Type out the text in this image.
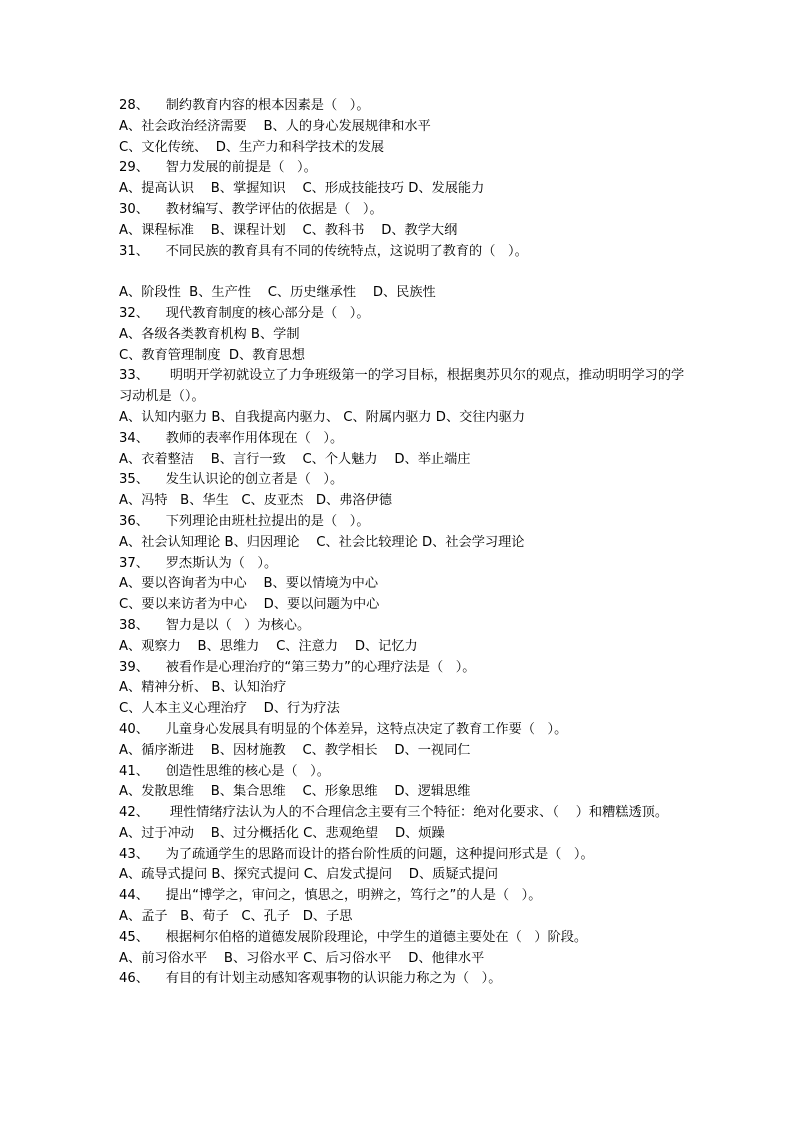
28、    制约教育内容的根本因素是（   ）。
A、社会政治经济需要    B、人的身心发展规律和水平
C、文化传统、  D、生产力和科学技术的发展
29、    智力发展的前提是（   ）。
A、提高认识    B、掌握知识    C、形成技能技巧 D、发展能力
30、    教材编写、教学评估的依据是（   ）。
A、课程标准    B、课程计划    C、教科书    D、教学大纲
31、    不同民族的教育具有不同的传统特点，这说明了教育的（   ）。
A、阶段性  B、生产性    C、历史继承性    D、民族性
32、    现代教育制度的核心部分是（   ）。
A、各级各类教育机构 B、学制
C、教育管理制度  D、教育思想
33、     明明开学初就设立了力争班级第一的学习目标，根据奥苏贝尔的观点，推动明明学习的学习动机是（）。
A、认知内驱力 B、自我提高内驱力、 C、附属内驱力 D、交往内驱力
34、    教师的表率作用体现在（   ）。
A、衣着整洁    B、言行一致    C、个人魅力    D、举止端庄
35、    发生认识论的创立者是（   ）。
A、冯特   B、华生   C、皮亚杰   D、弗洛伊德
36、    下列理论由班杜拉提出的是（   ）。
A、社会认知理论 B、归因理论    C、社会比较理论 D、社会学习理论
37、    罗杰斯认为（   ）。
A、要以咨询者为中心    B、要以情境为中心
C、要以来访者为中心    D、要以问题为中心
38、    智力是以（   ）为核心。
A、观察力    B、思维力    C、注意力    D、记忆力
39、    被看作是心理治疗的“第三势力”的心理疗法是（   ）。
A、精神分析、 B、认知治疗
C、人本主义心理治疗    D、行为疗法
40、    儿童身心发展具有明显的个体差异，这特点决定了教育工作要（   ）。
A、循序渐进    B、因材施教    C、教学相长    D、一视同仁
41、    创造性思维的核心是（   ）。
A、发散思维    B、集合思维    C、形象思维    D、逻辑思维
42、     理性情绪疗法认为人的不合理信念主要有三个特征：绝对化要求、（    ）和糟糕透顶。
A、过于冲动    B、过分概括化 C、悲观绝望    D、烦躁
43、    为了疏通学生的思路而设计的搭台阶性质的问题，这种提问形式是（   ）。
A、疏导式提问 B、探究式提问 C、启发式提问    D、质疑式提问
44、    提出“博学之，审问之，慎思之，明辨之，笃行之”的人是（   ）。
A、孟子   B、荀子   C、孔子   D、子思
45、    根据柯尔伯格的道德发展阶段理论，中学生的道德主要处在（   ）阶段。
A、前习俗水平    B、习俗水平 C、后习俗水平    D、他律水平
46、    有目的有计划主动感知客观事物的认识能力称之为（   ）。
